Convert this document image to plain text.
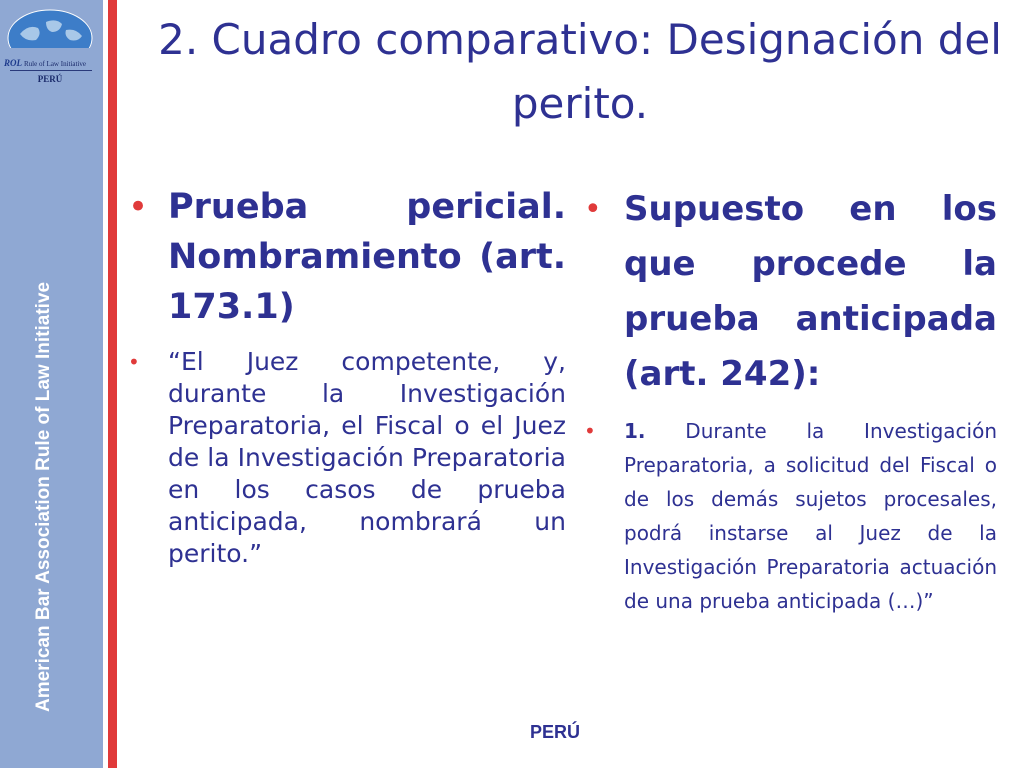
ROL Rule of Law Initiative
PERÚ
American Bar Association Rule of Law Initiative
2. Cuadro comparativo: Designación del perito.
• Prueba pericial. Nombramiento (art. 173.1)
• “El Juez competente, y, durante la Investigación Preparatoria, el Fiscal o el Juez de la Investigación Preparatoria en los casos de prueba anticipada, nombrará un perito.”
• Supuesto en los que procede la prueba anticipada (art. 242):
• 1. Durante la Investigación Preparatoria, a solicitud del Fiscal o de los demás sujetos procesales, podrá instarse al Juez de la Investigación Preparatoria actuación de una prueba anticipada (…)”
PERÚ
